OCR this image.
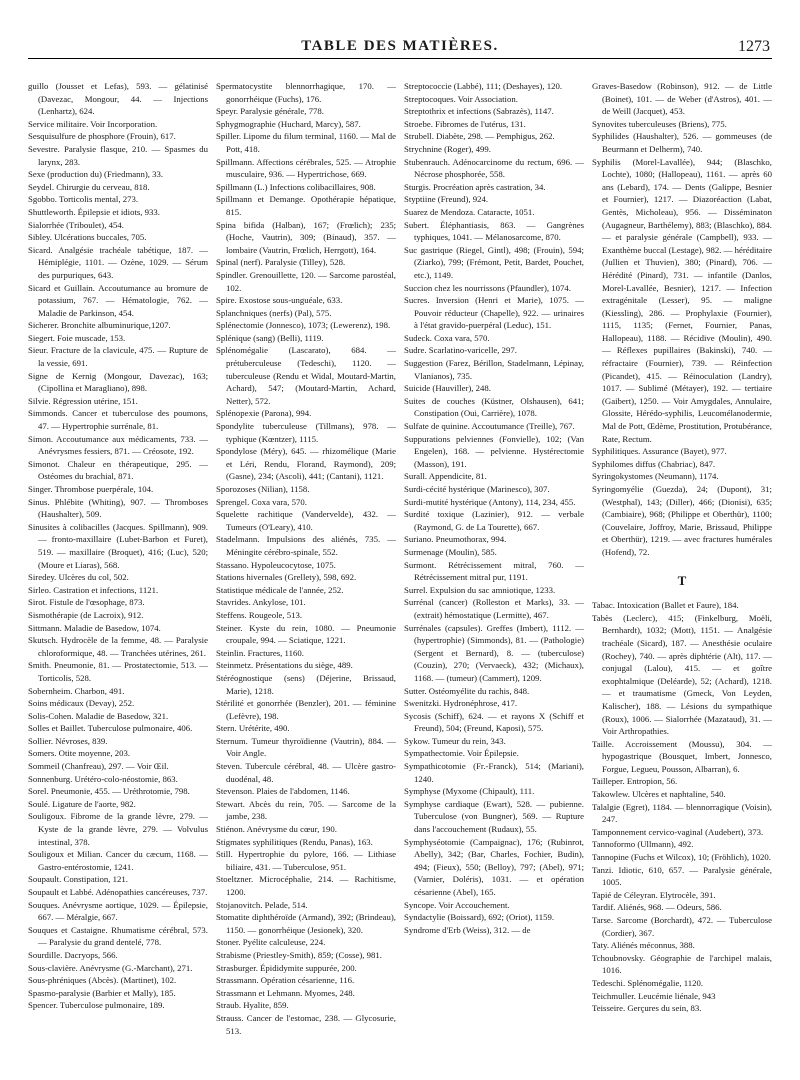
TABLE DES MATIÈRES.	1273

guillo (Jousset et Lefas), 593. — gélatinisé (Davezac, Mongour, 44. — Injections (Lenhartz), 624.

Service militaire. Voir Incorporation.

Sesquisulfure de phosphore (Frouin), 617.

Sevestre. Paralysie flasque, 210. — Spasmes du larynx, 283.

Sexe (production du) (Friedmann), 33.

Seydel. Chirurgie du cerveau, 818.

Sgobbo. Torticolis mental, 273.

Shuttleworth. Épilepsie et idiots, 933.

Sialorrhée (Triboulet), 454.

Sibley. Ulcérations buccales, 705.

Sicard. Analgésie trachéale tabétique, 187. — Hémiplégie, 1101. — Ozène, 1029. — Sérum des purpuriques, 643.

Sicard et Guillain. Accoutumance au bromure de potassium, 767. — Hématologie, 762. — Maladie de Parkinson, 454.

Sicherer. Bronchite albuminurique,1207.

Siegert. Foie muscade, 153.

Sieur. Fracture de la clavicule, 475. — Rupture de la vessie, 691.

Signe de Kernig (Mongour, Davezac), 163; (Cipollina et Maragliano), 898.

Silvie. Régression utérine, 151.

Simmonds. Cancer et tuberculose des poumons, 47. — Hypertrophie surrénale, 81.

Simon. Accoutumance aux médicaments, 733. — Anévrysmes fessiers, 871. — Créosote, 192.

Simonot. Chaleur en thérapeutique, 295. — Ostéomes du brachial, 871.

Singer. Thrombose puerpérale, 104.

Sinus. Phlébite (Whiting), 907. — Thromboses (Haushalter), 509.

Sinusites à colibacilles (Jacques. Spillmann), 909. — fronto-maxillaire (Lubet-Barbon et Furet), 519. — maxillaire (Broquet), 416; (Luc), 520; (Moure et Liaras), 568.

Siredey. Ulcères du col, 502.

Sirleo. Castration et infections, 1121.

Sirot. Fistule de l'œsophage, 873.

Sismothérapie (de Lacroix), 912.

Sittmann. Maladie de Basedow, 1074.

Skutsch. Hydrocèle de la femme, 48. — Paralysie chloroformique, 48. — Tranchées utérines, 261.

Smith. Pneumonie, 81. — Prostatectomie, 513. — Torticolis, 528.

Sobernheim. Charbon, 491.

Soins médicaux (Devay), 252.

Solis-Cohen. Maladie de Basedow, 321.

Solles et Baillet. Tuberculose pulmonaire, 406.

Sollier. Névroses, 839.

Somers. Otite moyenne, 203.

Sommeil (Chanfreau), 297. — Voir Œil.

Sonnenburg. Urétéro-colo-néostomie, 863.

Sorel. Pneumonie, 455. — Uréthrotomie, 798.

Soulé. Ligature de l'aorte, 982.

Souligoux. Fibrome de la grande lèvre, 279. — Kyste de la grande lèvre, 279. — Volvulus intestinal, 378.

Souligoux et Milian. Cancer du cæcum, 1168. — Gastro-entérostomie, 1241.

Soupault. Constipation, 121.

Soupault et Labbé. Adénopathies cancéreuses, 737.

Souques. Anévrysme aortique, 1029. — Épilepsie, 667. — Méralgie, 667.

Souques et Castaigne. Rhumatisme cérébral, 573. — Paralysie du grand dentelé, 778.

Sourdille. Dacryops, 566.

Sous-clavière. Anévrysme (G.-Marchant), 271.

Sous-phréniques (Abcès). (Martinet), 102.

Spasmo-paralysie (Barbier et Mally), 185.

Spencer. Tuberculose pulmonaire, 189.

Spermatocystite blennorrhagique, 170. — gonorrhéique (Fuchs), 176.

Speyr. Paralysie générale, 778.

Sphygmographie (Huchard, Marcy), 587.

Spiller. Lipome du filum terminal, 1160. — Mal de Pott, 418.

Spillmann. Affections cérébrales, 525. — Atrophie musculaire, 936. — Hypertrichose, 669.

Spillmann (L.) Infections colibacillaires, 908.

Spillmann et Demange. Opothérapie hépatique, 815.

Spina bifida (Halban), 167; (Frœlich); 235; (Hoche, Vautrin), 309; (Binaud), 357. — lombaire (Vautrin, Frœlich, Herrgott), 164.

Spinal (nerf). Paralysie (Tilley), 528.

Spindler. Grenouillette, 120. — Sarcome parostéal, 102.

Spire. Exostose sous-unguéale, 633.

Splanchniques (nerfs) (Pal), 575.

Splénectomie (Jonnesco), 1073; (Lewerenz), 198.

Splénique (sang) (Belli), 1119.

Splénomégalie (Lascarato), 684. — prétuberculeuse (Tedeschi), 1120. — tuberculeuse (Rendu et Widal, Moutard-Martin, Achard), 547; (Moutard-Martin, Achard, Netter), 572.

Splénopexie (Parona), 994.

Spondylite tuberculeuse (Tillmans), 978. — typhique (Kœntzer), 1115.

Spondylose (Méry), 645. — rhizomélique (Marie et Léri, Rendu, Florand, Raymond), 209; (Gasne), 234; (Ascoli), 441; (Cantani), 1121.

Sporozoses (Nilian), 1158.

Sprengel. Coxa vara, 570.

Squelette rachitique (Vandervelde), 432. — Tumeurs (O'Leary), 410.

Stadelmann. Impulsions des aliénés, 735. — Méningite cérébro-spinale, 552.

Stassano. Hypoleucocytose, 1075.

Stations hivernales (Grellety), 598, 692.

Statistique médicale de l'année, 252.

Stavrides. Ankylose, 101.

Steffens. Rougeole, 513.

Steiner. Kyste du rein, 1080. — Pneumonie croupale, 994. — Sciatique, 1221.

Steinlin. Fractures, 1160.

Steinmetz. Présentations du siège, 489.

Stéréognostique (sens) (Déjerine, Brissaud, Marie), 1218.

Stérilité et gonorrhée (Benzler), 201. — féminine (Lefèvre), 198.

Stern. Urétérite, 490.

Sternum. Tumeur thyroïdienne (Vautrin), 884. — Voir Angle.

Steven. Tubercule cérébral, 48. — Ulcère gastro-duodénal, 48.

Stevenson. Plaies de l'abdomen, 1146.

Stewart. Abcès du rein, 705. — Sarcome de la jambe, 238.

Stiénon. Anévrysme du cœur, 190.

Stigmates syphilitiques (Rendu, Panas), 163.

Still. Hypertrophie du pylore, 166. — Lithiase biliaire, 431. — Tuberculose, 951.

Stoeltzner. Microcéphalie, 214. — Rachitisme, 1200.

Stojanovitch. Pelade, 514.

Stomatite diphthéroïde (Armand), 392; (Brindeau), 1150. — gonorrhéique (Jesionek), 320.

Stoner. Pyélite calculeuse, 224.

Strabisme (Priestley-Smith), 859; (Cosse), 981.

Strasburger. Épididymite suppurée, 200.

Strassmann. Opération césarienne, 116.

Strassmann et Lehmann. Myomes, 248.

Straub. Hyalite, 859.

Strauss. Cancer de l'estomac, 238. — Glycosurie, 513.

Streptococcie (Labbé), 111; (Deshayes), 120.

Streptocoques. Voir Association.

Streptothrix et infections (Sabrazès), 1147.

Stroebe. Fibromes de l'utérus, 131.

Strubell. Diabète, 298. — Pemphigus, 262.

Strychnine (Roger), 499.

Stubenrauch. Adénocarcinome du rectum, 696. — Nécrose phosphorée, 558.

Sturgis. Procréation après castration, 34.

Styptiine (Freund), 924.

Suarez de Mendoza. Cataracte, 1051.

Subert. Éléphantiasis, 863. — Gangrènes typhiques, 1041. — Mélanosarcome, 870.

Suc gastrique (Riegel, Gintl), 498; (Frouin), 594; (Ziarko), 799; (Frémont, Petit, Bardet, Pouchet, etc.), 1149.

Succion chez les nourrissons (Pfaundler), 1074.

Sucres. Inversion (Henri et Marie), 1075. — Pouvoir réducteur (Chapelle), 922. — urinaires à l'état gravido-puerpéral (Leduc), 151.

Sudeck. Coxa vara, 570.

Sudre. Scarlatino-varicelle, 297.

Suggestion (Farez, Bérillon, Stadelmann, Lépinay, Vlanianos), 735.

Suicide (Hauviller), 248.

Suites de couches (Küstner, Olshausen), 641; Constipation (Oui, Carrière), 1078.

Sulfate de quinine. Accoutumance (Treille), 767.

Suppurations pelviennes (Fonvielle), 102; (Van Engelen), 168. — pelvienne. Hystérectomie (Masson), 191.

Surall. Appendicite, 81.

Surdi-cécité hystérique (Marinesco), 307.

Surdi-mutité hystérique (Antony), 114, 234, 455.

Surdité toxique (Lazinier), 912. — verbale (Raymond, G. de La Tourette), 667.

Suriano. Pneumothorax, 994.

Surmenage (Moulin), 585.

Surmont. Rétrécissement mitral, 760. — Rétrécissement mitral pur, 1191.

Surrel. Expulsion du sac amniotique, 1233.

Surrénal (cancer) (Rolleston et Marks), 33. — (extrait) hémostatique (Lermitte), 467.

Surrénales (capsules). Greffes (Imbert), 1112. — (hypertrophie) (Simmonds), 81. — (Pathologie) (Sergent et Bernard), 8. — (tuberculose) (Couzin), 270; (Vervaeck), 432; (Michaux), 1168. — (tumeur) (Cammert), 1209.

Sutter. Ostéomyélite du rachis, 848.

Swenitzki. Hydronéphrose, 417.

Sycosis (Schiff), 624. — et rayons X (Schiff et Freund), 504; (Freund, Kaposi), 575.

Sykow. Tumeur du rein, 343.

Sympathectomie. Voir Épilepsie.

Sympathicotomie (Fr.-Franck), 514; (Mariani), 1240.

Symphyse (Myxome (Chipault), 111.

Symphyse cardiaque (Ewart), 528. — pubienne. Tuberculose (von Bungner), 569. — Rupture dans l'accouchement (Rudaux), 55.

Symphyséotomie (Campaignac), 176; (Rubinrot, Abelly), 342; (Bar, Charles, Fochier, Budin), 494; (Fieux), 550; (Belloy), 797; (Abel), 971; (Varnier, Doléris), 1031. — et opération césarienne (Abel), 165.

Syncope. Voir Accouchement.

Syndactylie (Boissard), 692; (Oriot), 1159.

Syndrome d'Erb (Weiss), 312. — de

Graves-Basedow (Robinson), 912. — de Little (Boinet), 101. — de Weber (d'Astros), 401. — de Weill (Jacquet), 453.

Synovites tuberculeuses (Briens), 775.

Syphilides (Haushalter), 526. — gommeuses (de Beurmann et Delherm), 740.

Syphilis (Morel-Lavallée), 944; (Blaschko, Lochte), 1080; (Hallopeau), 1161. — après 60 ans (Lebard), 174. — Dents (Galippe, Besnier et Fournier), 1217. — Diazoréaction (Labat, Gentès, Micholeau), 956. — Disséminaton (Augagneur, Barthélemy), 883; (Blaschko), 884. — et paralysie générale (Campbell), 933. — Exanthème buccal (Lestage), 982. — héréditaire (Jullien et Thuvien), 380; (Pinard), 706. — Hérédité (Pinard), 731. — infantile (Danlos, Morel-Lavallée, Besnier), 1217. — Infection extragénitale (Lesser), 95. — maligne (Kiessling), 286. — Prophylaxie (Fournier), 1115, 1135; (Fernet, Fournier, Panas, Hallopeau), 1188. — Récidive (Moulin), 490. — Réflexes pupillaires (Bakinski), 740. — réfractaire (Fournier), 739. — Réinfection (Picandet), 415. — Réinoculation (Landry), 1017. — Sublimé (Métayer), 192. — tertiaire (Gaibert), 1250. — Voir Amygdales, Annulaire, Glossite, Hérédo-syphilis, Leucomélanodermie, Mal de Pott, Œdème, Prostitution, Protubérance, Rate, Rectum.

Syphilitiques. Assurance (Bayet), 977.

Syphilomes diffus (Chabriac), 847.

Syringokystomes (Neumann), 1174.

Syringomyélie (Guezda), 24; (Dupont), 31; (Westphal), 143; (Diller), 466; (Dionisi), 635; (Cambiaire), 968; (Philippe et Oberthür), 1100; (Couvelaire, Joffroy, Marie, Brissaud, Philippe et Oberthür), 1219. — avec fractures humérales (Hofend), 72.

T

Tabac. Intoxication (Ballet et Faure), 184.

Tabès (Leclerc), 415; (Finkelburg, Moëli, Bernhardt), 1032; (Mott), 1151. — Analgésie trachéale (Sicard), 187. — Anesthésie oculaire (Rochey), 740. — après diphtérie (Alt), 117. — conjugal (Lalou), 415. — et goître exophtalmique (Deléarde), 52; (Achard), 1218. — et traumatisme (Gmeck, Von Leyden, Kalischer), 188. — Lésions du sympathique (Roux), 1006. — Sialorrhée (Mazataud), 31. — Voir Arthropathies.

Taille. Accroissement (Moussu), 304. — hypogastrique (Bousquet, Imbert, Jonnesco, Forgue, Legueu, Pousson, Albarran), 6.

Tailleper. Entropion, 56.

Takowlew. Ulcères et naphtaline, 540.

Talalgie (Egret), 1184. — blennorragique (Voisin), 247.

Tamponnement cervico-vaginal (Audebert), 373.

Tannoformo (Ullmann), 492.

Tannopine (Fuchs et Wilcox), 10; (Fröhlich), 1020.

Tanzi. Idiotic, 610, 657. — Paralysie générale, 1005.

Tapié de Céleyran. Elytrocèle, 391.

Tardif. Aliénés, 968. — Odeurs, 586.

Tarse. Sarcome (Borchardt), 472. — Tuberculose (Cordier), 367.

Taty. Aliénés méconnus, 388.

Tchoubnovsky. Géographie de l'archipel malais, 1016.

Tedeschi. Splénomégalie, 1120.

Teichmuller. Leucémie liénale, 943

Teisseire. Gerçures du sein, 83.
